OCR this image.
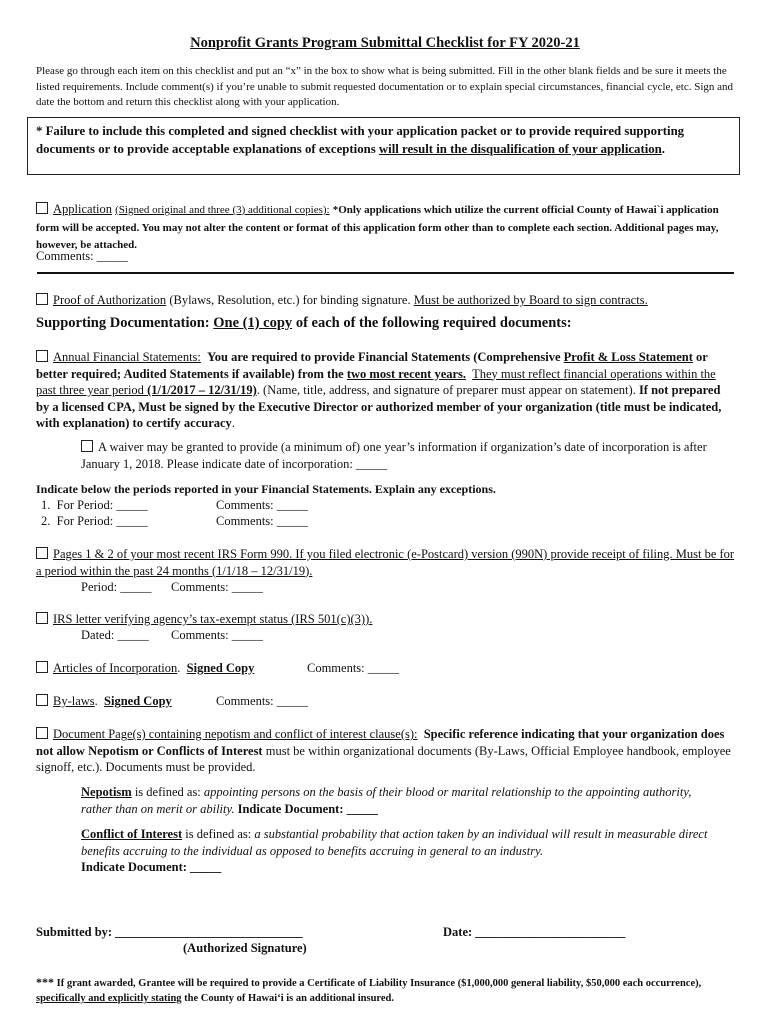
Nonprofit Grants Program Submittal Checklist for FY 2020-21
Please go through each item on this checklist and put an “x” in the box to show what is being submitted. Fill in the other blank fields and be sure it meets the listed requirements. Include comment(s) if you’re unable to submit requested documentation or to explain special circumstances, financial cycle, etc. Sign and date the bottom and return this checklist along with your application.
* Failure to include this completed and signed checklist with your application packet or to provide required supporting documents or to provide acceptable explanations of exceptions will result in the disqualification of your application.
Application (Signed original and three (3) additional copies): *Only applications which utilize the current official County of Hawai`i application form will be accepted. You may not alter the content or format of this application form other than to complete each section. Additional pages may, however, be attached.
Comments: _____
Proof of Authorization (Bylaws, Resolution, etc.) for binding signature. Must be authorized by Board to sign contracts.
Supporting Documentation: One (1) copy of each of the following required documents:
Annual Financial Statements: You are required to provide Financial Statements (Comprehensive Profit & Loss Statement or better required; Audited Statements if available) from the two most recent years. They must reflect financial operations within the past three year period (1/1/2017 – 12/31/19). (Name, title, address, and signature of preparer must appear on statement). If not prepared by a licensed CPA, Must be signed by the Executive Director or authorized member of your organization (title must be indicated, with explanation) to certify accuracy.
A waiver may be granted to provide (a minimum of) one year’s information if organization’s date of incorporation is after January 1, 2018. Please indicate date of incorporation: _____
Indicate below the periods reported in your Financial Statements. Explain any exceptions.
1. For Period: _____	Comments: _____
2. For Period: _____	Comments: _____
Pages 1 & 2 of your most recent IRS Form 990. If you filed electronic (e-Postcard) version (990N) provide receipt of filing. Must be for a period within the past 24 months (1/1/18 – 12/31/19).
Period: _____ Comments: _____
IRS letter verifying agency’s tax-exempt status (IRS 501(c)(3)).
Dated: _____ Comments: _____
Articles of Incorporation. Signed Copy	Comments: _____
By-laws. Signed Copy	Comments: _____
Document Page(s) containing nepotism and conflict of interest clause(s): Specific reference indicating that your organization does not allow Nepotism or Conflicts of Interest must be within organizational documents (By-Laws, Official Employee handbook, employee signoff, etc.). Documents must be provided.
Nepotism is defined as: appointing persons on the basis of their blood or marital relationship to the appointing authority, rather than on merit or ability. Indicate Document: _____
Conflict of Interest is defined as: a substantial probability that action taken by an individual will result in measurable direct benefits accruing to the individual as opposed to benefits accruing in general to an industry.
Indicate Document: _____
Submitted by: ______________________________	Date: ________________________
(Authorized Signature)
*** If grant awarded, Grantee will be required to provide a Certificate of Liability Insurance ($1,000,000 general liability, $50,000 each occurrence), specifically and explicitly stating the County of Hawai‘i is an additional insured.
